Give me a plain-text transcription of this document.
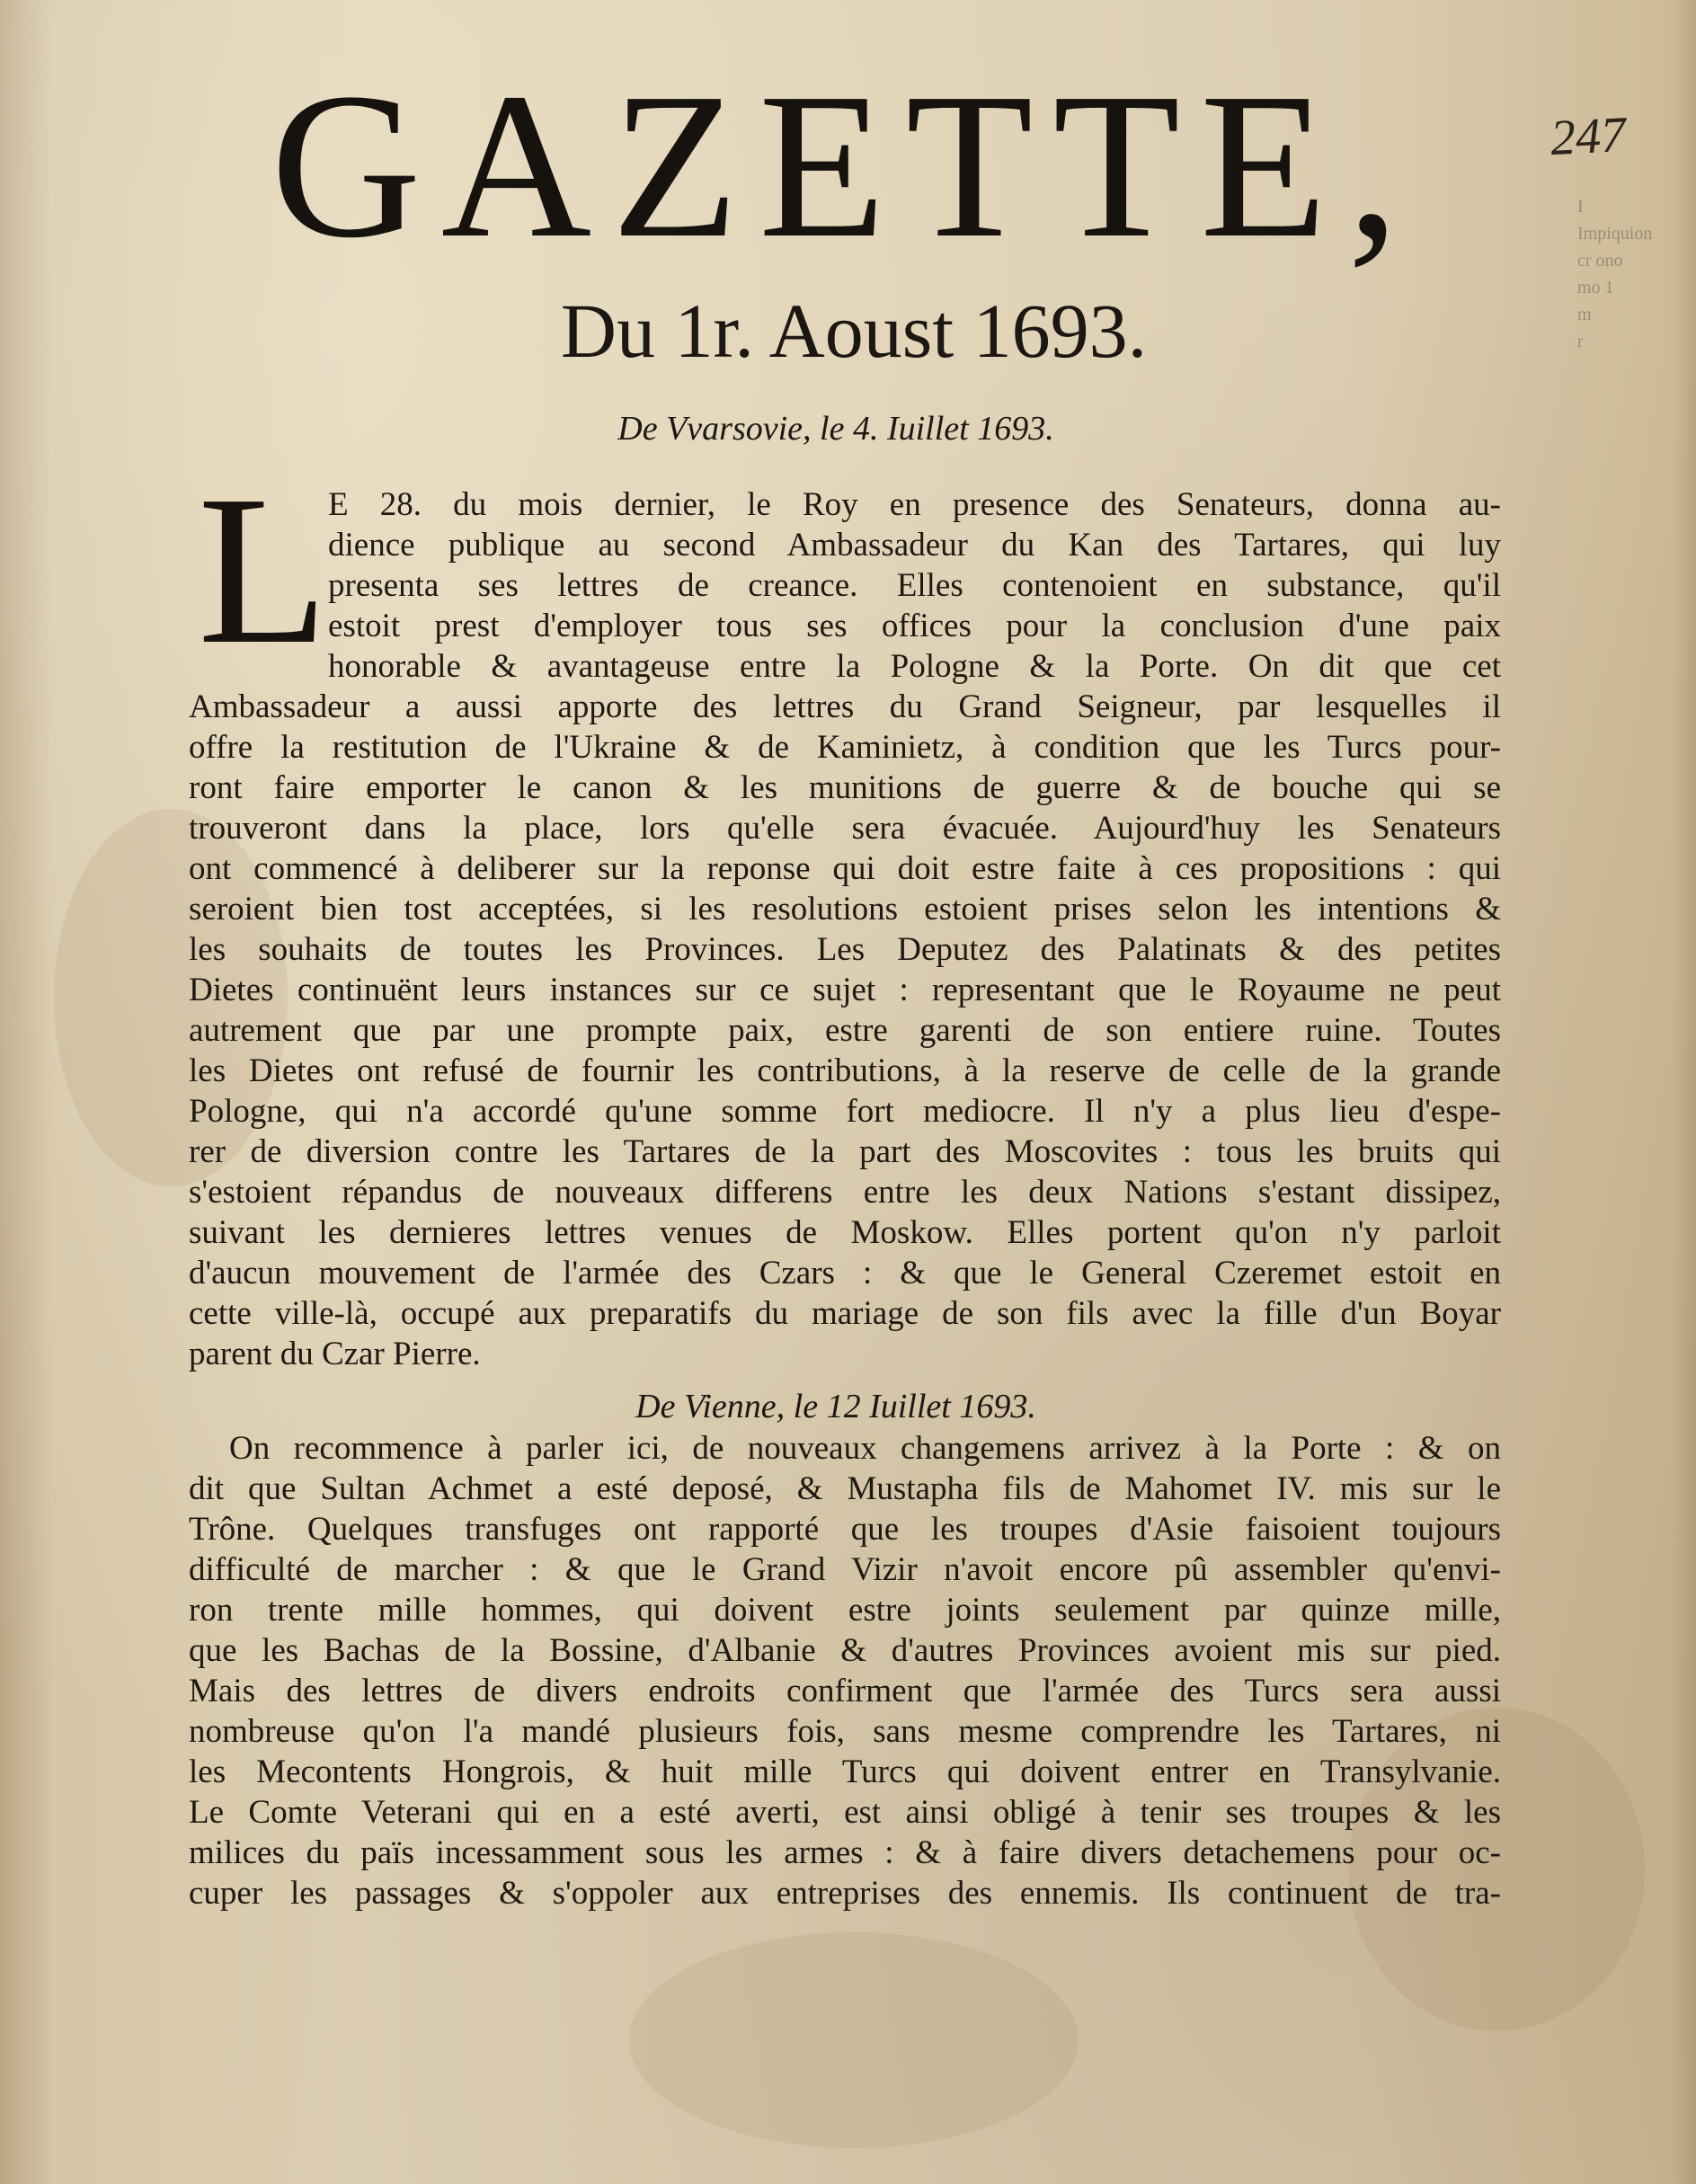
GAZETTE,	247
I
Impiquion
cr ono
mo 1
m
r
Du 1r. Aoust 1693.
De Vvarsovie, le 4. Iuillet 1693.
L E 28. du mois dernier, le Roy en presence des Senateurs, donna au-
dience publique au second Ambassadeur du Kan des Tartares, qui luy
presenta ses lettres de creance. Elles contenoient en substance, qu'il
estoit prest d'employer tous ses offices pour la conclusion d'une paix
honorable & avantageuse entre la Pologne & la Porte. On dit que cet
Ambassadeur a aussi apporte des lettres du Grand Seigneur, par lesquelles il
offre la restitution de l'Ukraine & de Kaminietz, à condition que les Turcs pour-
ront faire emporter le canon & les munitions de guerre & de bouche qui se
trouveront dans la place, lors qu'elle sera évacuée. Aujourd'huy les Senateurs
ont commencé à deliberer sur la reponse qui doit estre faite à ces propositions : qui
seroient bien tost acceptées, si les resolutions estoient prises selon les intentions &
les souhaits de toutes les Provinces. Les Deputez des Palatinats & des petites
Dietes continuënt leurs instances sur ce sujet : representant que le Royaume ne peut
autrement que par une prompte paix, estre garenti de son entiere ruine. Toutes
les Dietes ont refusé de fournir les contributions, à la reserve de celle de la grande
Pologne, qui n'a accordé qu'une somme fort mediocre. Il n'y a plus lieu d'espe-
rer de diversion contre les Tartares de la part des Moscovites : tous les bruits qui
s'estoient répandus de nouveaux differens entre les deux Nations s'estant dissipez,
suivant les dernieres lettres venues de Moskow. Elles portent qu'on n'y parloit
d'aucun mouvement de l'armée des Czars : & que le General Czeremet estoit en
cette ville-là, occupé aux preparatifs du mariage de son fils avec la fille d'un Boyar
parent du Czar Pierre.
De Vienne, le 12 Iuillet 1693.
On recommence à parler ici, de nouveaux changemens arrivez à la Porte : & on
dit que Sultan Achmet a esté deposé, & Mustapha fils de Mahomet IV. mis sur le
Trône. Quelques transfuges ont rapporté que les troupes d'Asie faisoient toujours
difficulté de marcher : & que le Grand Vizir n'avoit encore pû assembler qu'envi-
ron trente mille hommes, qui doivent estre joints seulement par quinze mille,
que les Bachas de la Bossine, d'Albanie & d'autres Provinces avoient mis sur pied.
Mais des lettres de divers endroits confirment que l'armée des Turcs sera aussi
nombreuse qu'on l'a mandé plusieurs fois, sans mesme comprendre les Tartares, ni
les Mecontents Hongrois, & huit mille Turcs qui doivent entrer en Transylvanie.
Le Comte Veterani qui en a esté averti, est ainsi obligé à tenir ses troupes & les
milices du païs incessamment sous les armes : & à faire divers detachemens pour oc-
cuper les passages & s'oppoler aux entreprises des ennemis. Ils continuent de tra-
